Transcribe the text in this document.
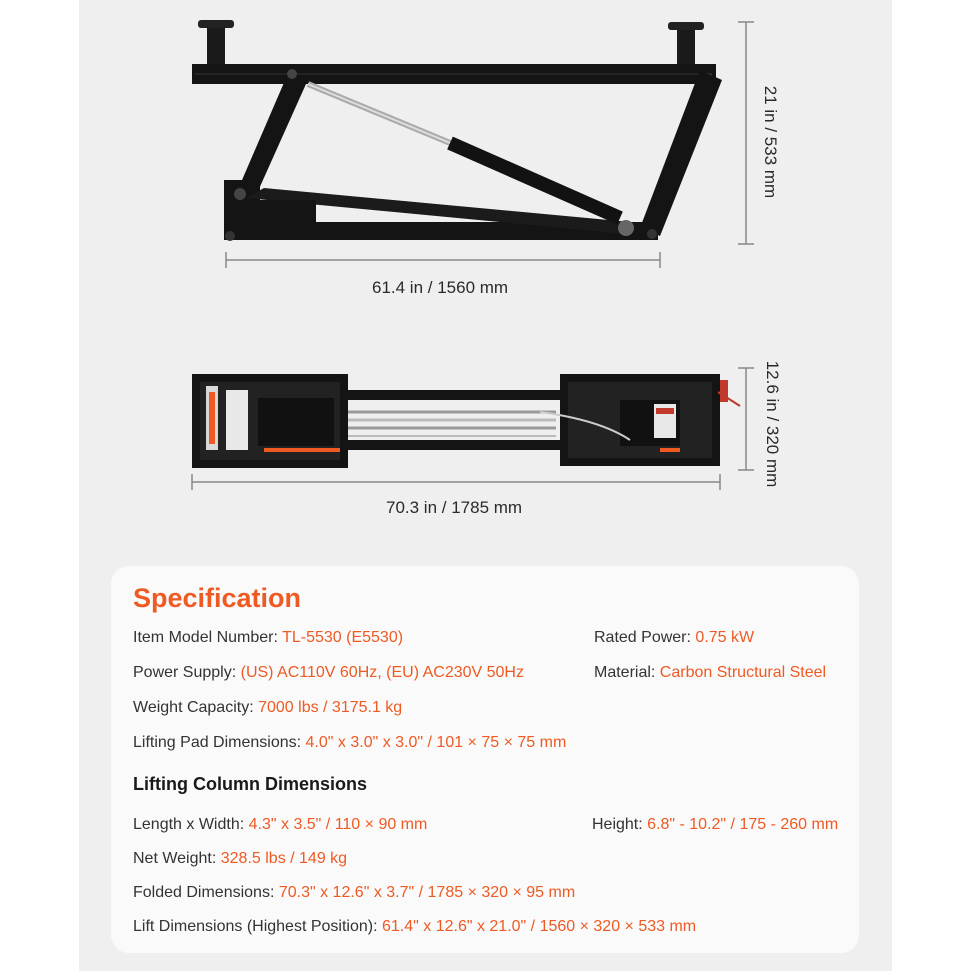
21 in / 533 mm
61.4 in / 1560 mm
12.6 in / 320 mm
70.3 in / 1785 mm
Specification
Item Model Number: TL-5530 (E5530)	Rated Power: 0.75 kW
Power Supply: (US) AC110V 60Hz, (EU) AC230V 50Hz	Material: Carbon Structural Steel
Weight Capacity: 7000 lbs / 3175.1 kg
Lifting Pad Dimensions: 4.0" x 3.0" x 3.0" / 101 × 75 × 75 mm
Lifting Column Dimensions
Length x Width: 4.3" x 3.5" / 110 × 90 mm	Height: 6.8" - 10.2" / 175 - 260 mm
Net Weight: 328.5 lbs / 149 kg
Folded Dimensions: 70.3" x 12.6" x 3.7" / 1785 × 320 × 95 mm
Lift Dimensions (Highest Position): 61.4" x 12.6" x 21.0" / 1560 × 320 × 533 mm
